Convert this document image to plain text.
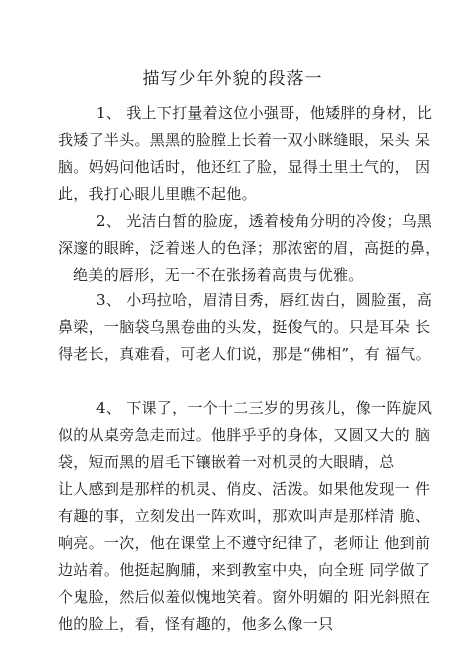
描写少年外貌的段落一
1、 我上下打量着这位小强哥，他矮胖的身材，比
我矮了半头。黑黑的脸膛上长着一双小眯缝眼，呆头 呆
脑。妈妈问他话时，他还红了脸，显得土里土气的， 因
此，我打心眼儿里瞧不起他。
2、 光洁白皙的脸庞，透着棱角分明的冷俊；乌黑
深邃的眼眸，泛着迷人的色泽；那浓密的眉，高挺的鼻，
绝美的唇形，无一不在张扬着高贵与优雅。
3、 小玛拉哈，眉清目秀，唇红齿白，圆脸蛋，高
鼻梁，一脑袋乌黑卷曲的头发，挺俊气的。只是耳朵 长
得老长，真难看，可老人们说，那是“佛相”，有 福气。
4、 下课了，一个十二三岁的男孩儿，像一阵旋风
似的从桌旁急走而过。他胖乎乎的身体，又圆又大的 脑
袋，短而黑的眉毛下镶嵌着一对机灵的大眼睛，总
让人感到是那样的机灵、俏皮、活泼。如果他发现一 件
有趣的事，立刻发出一阵欢叫，那欢叫声是那样清 脆、
响亮。一次，他在课堂上不遵守纪律了，老师让 他到前
边站着。他挺起胸脯，来到教室中央，向全班 同学做了
个鬼脸，然后似羞似愧地笑着。窗外明媚的 阳光斜照在
他的脸上，看，怪有趣的，他多么像一只
